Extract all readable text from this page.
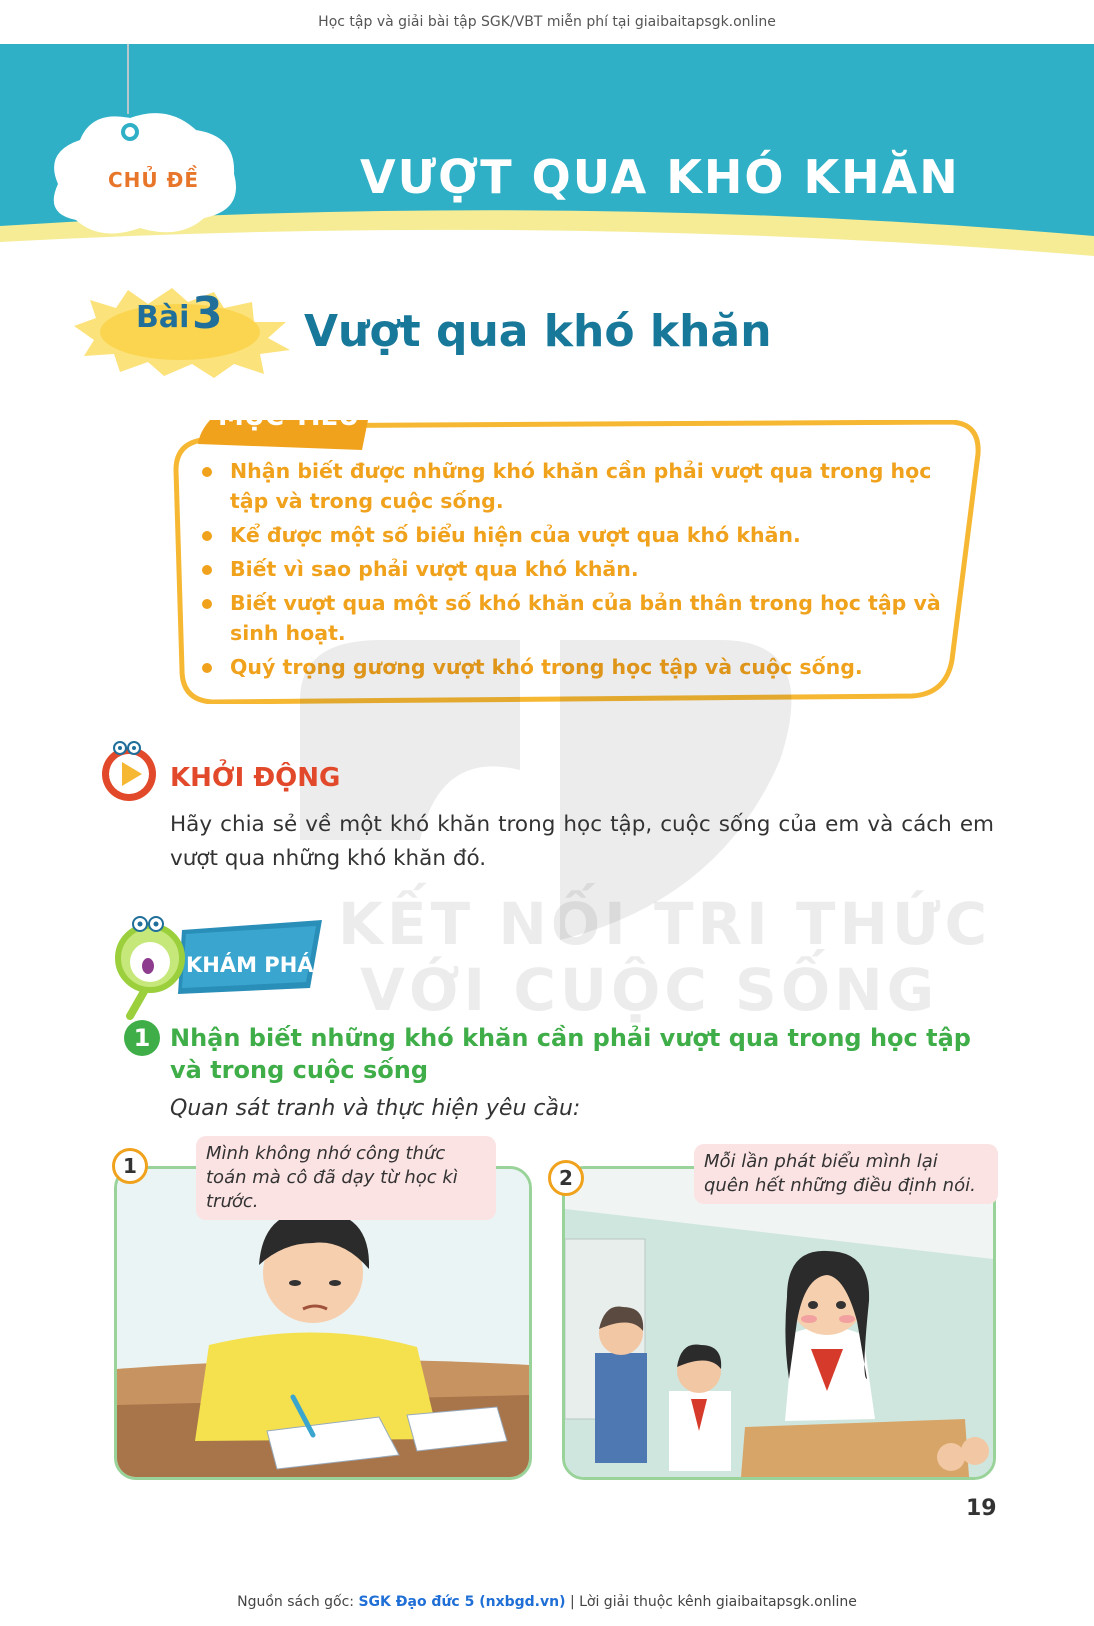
Học tập và giải bài tập SGK/VBT miễn phí tại giaibaitapsgk.online
CHỦ ĐỀ	VƯỢT QUA KHÓ KHĂN
Bài 3 Vượt qua khó khăn
MỤC TIÊU
Nhận biết được những khó khăn cần phải vượt qua trong học tập và trong cuộc sống.
Kể được một số biểu hiện của vượt qua khó khăn.
Biết vì sao phải vượt qua khó khăn.
Biết vượt qua một số khó khăn của bản thân trong học tập và sinh hoạt.
Quý trọng gương vượt khó trong học tập và cuộc sống.
KẾT NỐI TRI THỨC
VỚI CUỘC SỐNG
KHỞI ĐỘNG
Hãy chia sẻ về một khó khăn trong học tập, cuộc sống của em và cách em vượt qua những khó khăn đó.
KHÁM PHÁ
1 Nhận biết những khó khăn cần phải vượt qua trong học tập và trong cuộc sống
Quan sát tranh và thực hiện yêu cầu:
1
Mình không nhớ công thức toán mà cô đã dạy từ học kì trước.
2
Mỗi lần phát biểu mình lại quên hết những điều định nói.
19
Nguồn sách gốc: SGK Đạo đức 5 (nxbgd.vn) | Lời giải thuộc kênh giaibaitapsgk.online
